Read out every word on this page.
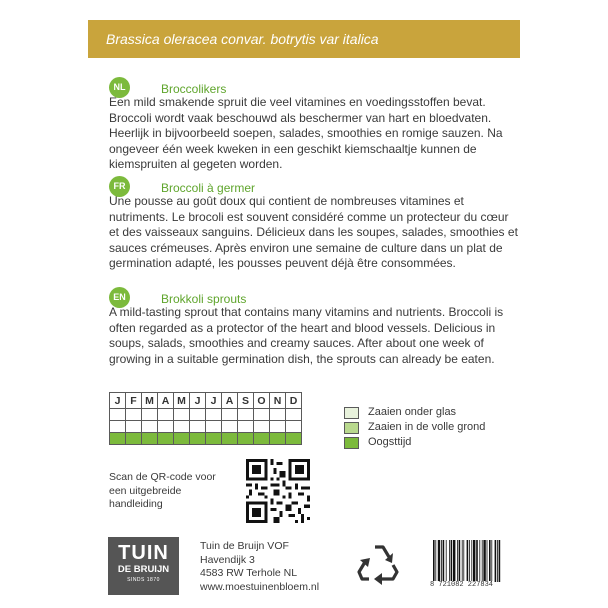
Brassica oleracea convar. botrytis var italica
NL	Broccolikers
Een mild smakende spruit die veel vitamines en voedingsstoffen bevat. Broccoli wordt vaak beschouwd als beschermer van hart en bloedvaten. Heerlijk in bijvoorbeeld soepen, salades, smoothies en romige sauzen. Na ongeveer één week kweken in een geschikt kiemschaaltje kunnen de kiemspruiten al gegeten worden.
FR	Broccoli à germer
Une pousse au goût doux qui contient de nombreuses vitamines et nutriments. Le brocoli est souvent considéré comme un protecteur du cœur et des vaisseaux sanguins. Délicieux dans les soupes, salades, smoothies et sauces crémeuses. Après environ une semaine de culture dans un plat de germination adapté, les pousses peuvent déjà être consommées.
EN	Brokkoli sprouts
A mild-tasting sprout that contains many vitamins and nutrients. Broccoli is often regarded as a protector of the heart and blood vessels. Delicious in soups, salads, smoothies and creamy sauces. After about one week of growing in a suitable germination dish, the sprouts can already be eaten.
J	F	M	A	M	J	J	A	S	O	N	D

Zaaien onder glas
Zaaien in de volle grond
Oogsttijd
Scan de QR-code voor een uitgebreide handleiding
TUIN
DE BRUIJN
SINDS 1870
Tuin de Bruijn VOF
Havendijk 3
4583 RW Terhole NL
www.moestuinenbloem.nl	8 721082 227834
